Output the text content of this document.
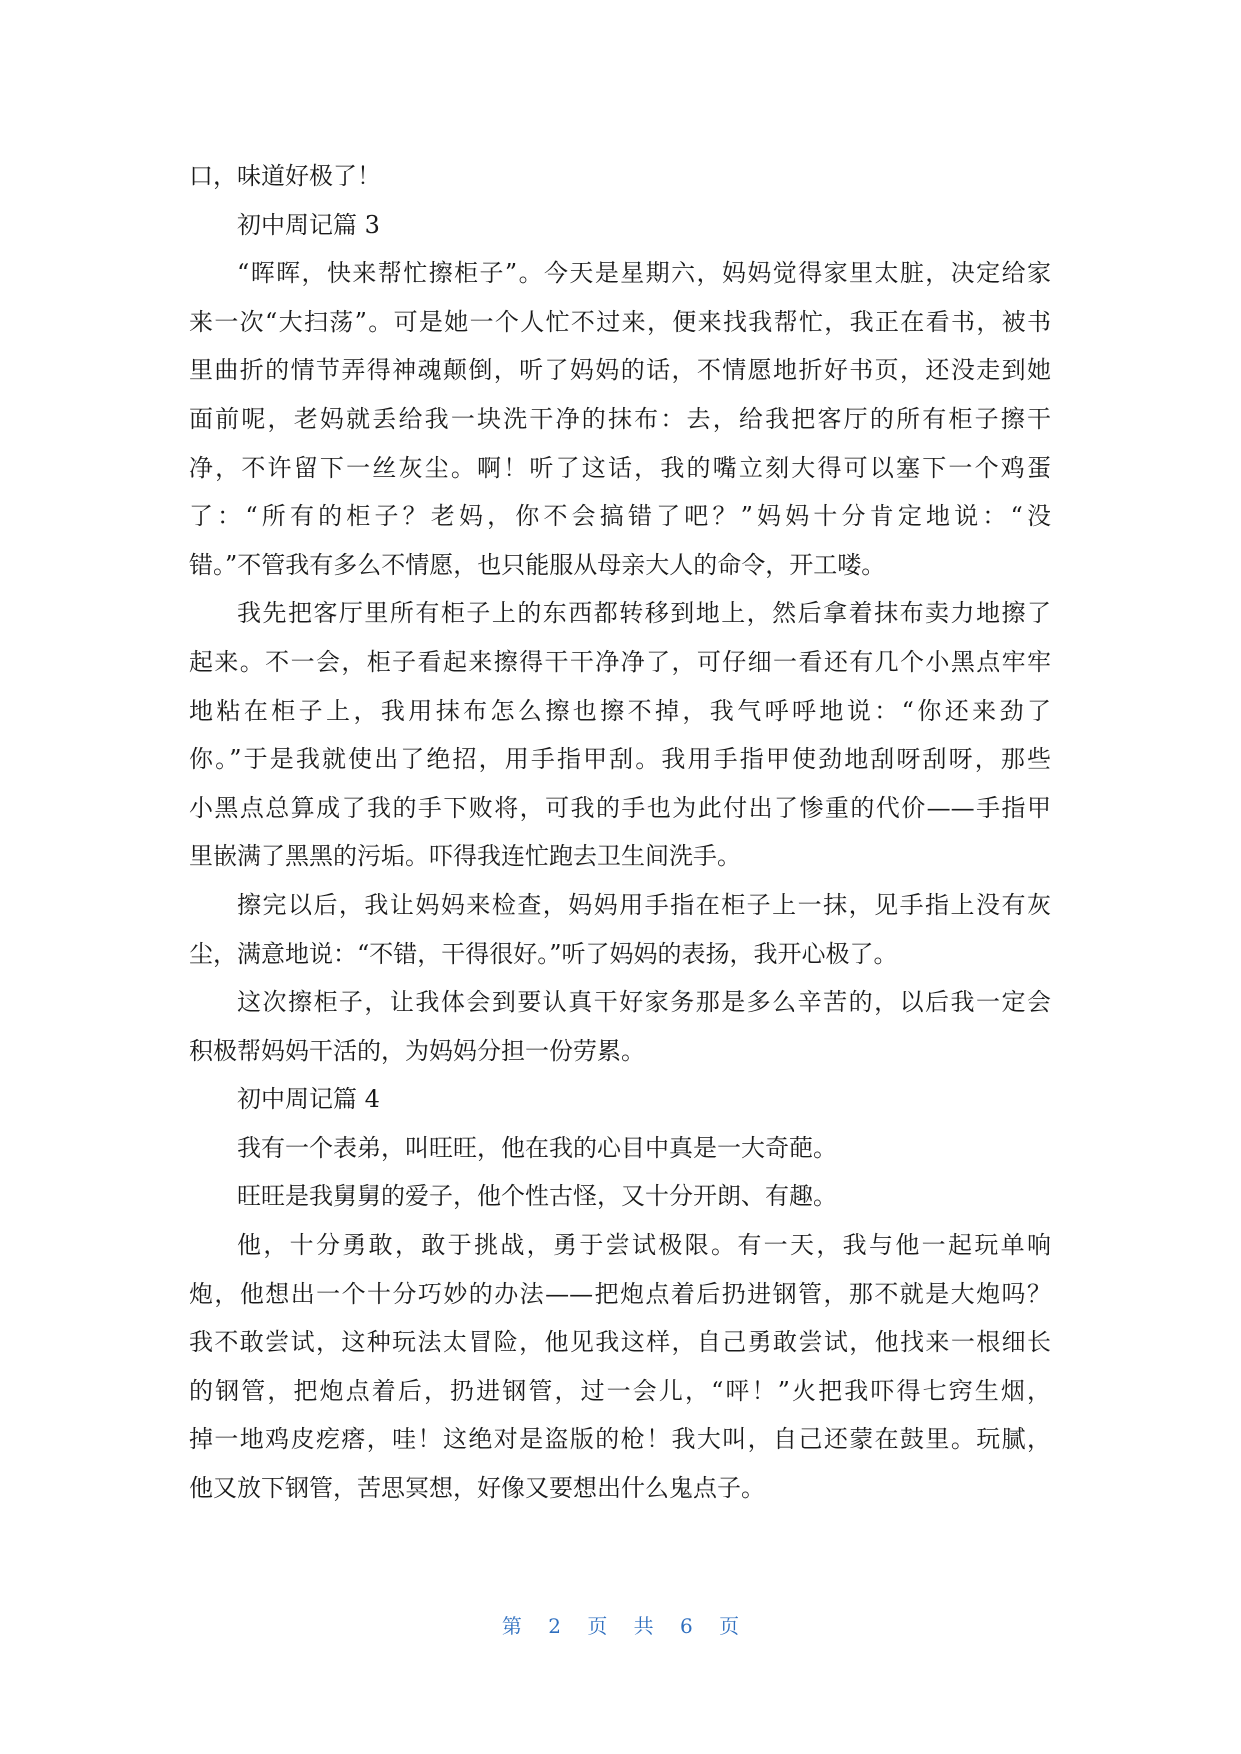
口，味道好极了！
初中周记篇 3
“晖晖，快来帮忙擦柜子”。今天是星期六，妈妈觉得家里太脏，决定给家
来一次“大扫荡”。可是她一个人忙不过来，便来找我帮忙，我正在看书，被书
里曲折的情节弄得神魂颠倒，听了妈妈的话，不情愿地折好书页，还没走到她
面前呢，老妈就丢给我一块洗干净的抹布：去，给我把客厅的所有柜子擦干
净，不许留下一丝灰尘。啊！听了这话，我的嘴立刻大得可以塞下一个鸡蛋
了：“所有的柜子？老妈，你不会搞错了吧？”妈妈十分肯定地说：“没
错。”不管我有多么不情愿，也只能服从母亲大人的命令，开工喽。
我先把客厅里所有柜子上的东西都转移到地上，然后拿着抹布卖力地擦了
起来。不一会，柜子看起来擦得干干净净了，可仔细一看还有几个小黑点牢牢
地粘在柜子上，我用抹布怎么擦也擦不掉，我气呼呼地说：“你还来劲了
你。”于是我就使出了绝招，用手指甲刮。我用手指甲使劲地刮呀刮呀，那些
小黑点总算成了我的手下败将，可我的手也为此付出了惨重的代价——手指甲
里嵌满了黑黑的污垢。吓得我连忙跑去卫生间洗手。
擦完以后，我让妈妈来检查，妈妈用手指在柜子上一抹，见手指上没有灰
尘，满意地说：“不错，干得很好。”听了妈妈的表扬，我开心极了。
这次擦柜子，让我体会到要认真干好家务那是多么辛苦的，以后我一定会
积极帮妈妈干活的，为妈妈分担一份劳累。
初中周记篇 4
我有一个表弟，叫旺旺，他在我的心目中真是一大奇葩。
旺旺是我舅舅的爱子，他个性古怪，又十分开朗、有趣。
他，十分勇敢，敢于挑战，勇于尝试极限。有一天，我与他一起玩单响
炮，他想出一个十分巧妙的办法——把炮点着后扔进钢管，那不就是大炮吗？
我不敢尝试，这种玩法太冒险，他见我这样，自己勇敢尝试，他找来一根细长
的钢管，把炮点着后，扔进钢管，过一会儿，“呯！”火把我吓得七窍生烟，
掉一地鸡皮疙瘩，哇！这绝对是盗版的枪！我大叫，自己还蒙在鼓里。玩腻，
他又放下钢管，苦思冥想，好像又要想出什么鬼点子。
第 2 页 共 6 页
